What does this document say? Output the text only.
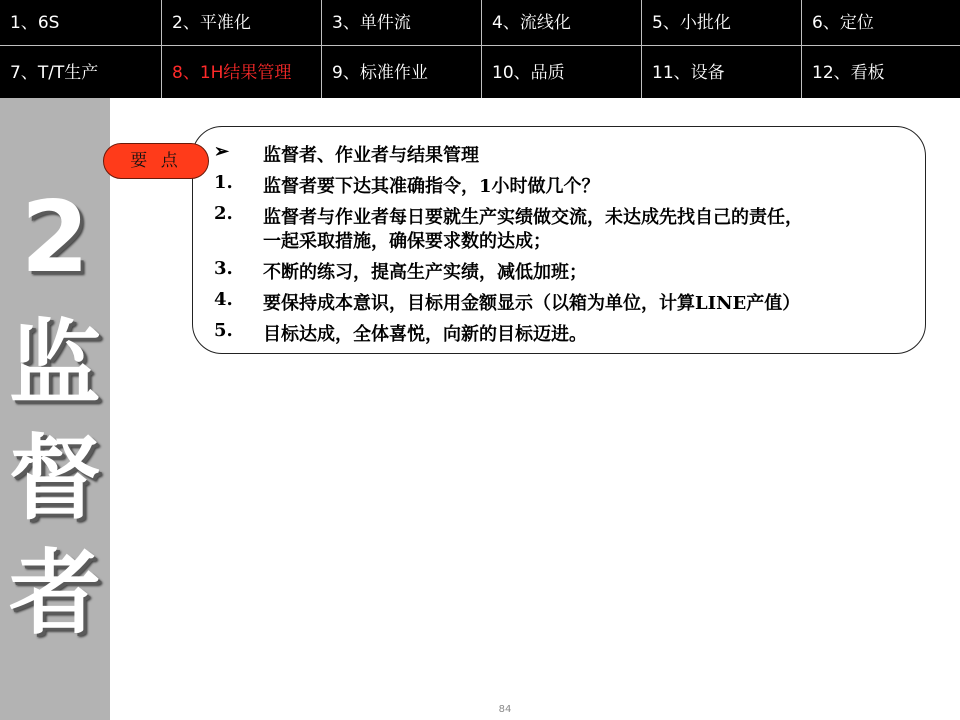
1、6S	2、平准化	3、单件流	4、流线化	5、小批化	6、定位
7、T/T生产	8、1H结果管理	9、标准作业	10、品质	11、设备	12、看板
2
监
督
者
要 点	➢	监督者、作业者与结果管理
1.	监督者要下达其准确指令，1小时做几个？
2.	监督者与作业者每日要就生产实绩做交流，未达成先找自己的责任，
一起采取措施，确保要求数的达成；
3.	不断的练习，提高生产实绩，减低加班；
4.	要保持成本意识，目标用金额显示（以箱为单位，计算LINE产值）
5.	目标达成，全体喜悦，向新的目标迈进。
84
